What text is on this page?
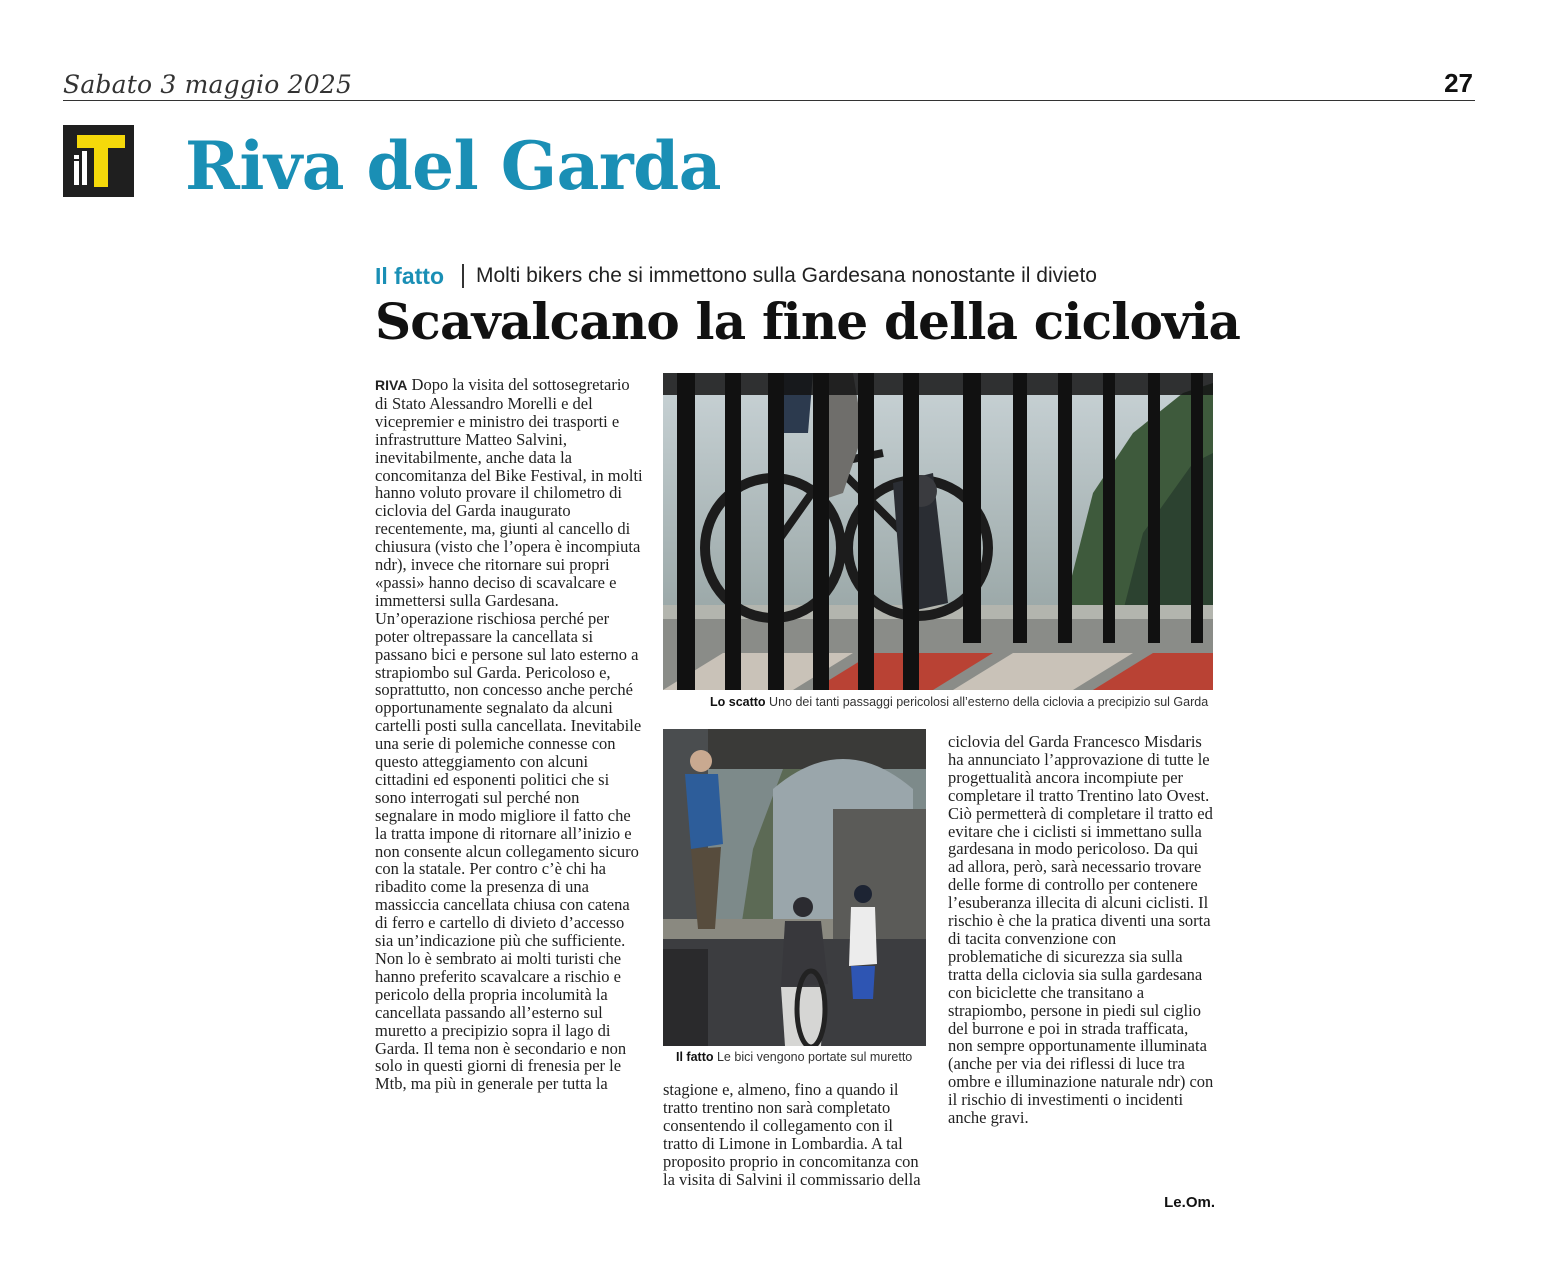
Sabato 3 maggio 2025	27
Riva del Garda
Il fatto Molti bikers che si immettono sulla Gardesana nonostante il divieto
Scavalcano la fine della ciclovia
RIVA Dopo la visita del sottosegretario di Stato Alessandro Morelli e del vicepremier e ministro dei trasporti e infrastrutture Matteo Salvini, inevitabilmente, anche data la concomitanza del Bike Festival, in molti hanno voluto provare il chilometro di ciclovia del Garda inaugurato recentemente, ma, giunti al cancello di chiusura (visto che l’opera è incompiuta ndr), invece che ritornare sui propri «passi» hanno deciso di scavalcare e immettersi sulla Gardesana. Un’operazione rischiosa perché per poter oltrepassare la cancellata si passano bici e persone sul lato esterno a strapiombo sul Garda. Pericoloso e, soprattutto, non concesso anche perché opportunamente segnalato da alcuni cartelli posti sulla cancellata. Inevitabile una serie di polemiche connesse con questo atteggiamento con alcuni cittadini ed esponenti politici che si sono interrogati sul perché non segnalare in modo migliore il fatto che la tratta impone di ritornare all’inizio e non consente alcun collegamento sicuro con la statale. Per contro c’è chi ha ribadito come la presenza di una massiccia cancellata chiusa con catena di ferro e cartello di divieto d’accesso sia un’indicazione più che sufficiente. Non lo è sembrato ai molti turisti che hanno preferito scavalcare a rischio e pericolo della propria incolumità la cancellata passando all’esterno sul muretto a precipizio sopra il lago di Garda. Il tema non è secondario e non solo in questi giorni di frenesia per le Mtb, ma più in generale per tutta la
Lo scatto Uno dei tanti passaggi pericolosi all’esterno della ciclovia a precipizio sul Garda
Il fatto Le bici vengono portate sul muretto
stagione e, almeno, fino a quando il tratto trentino non sarà completato consentendo il collegamento con il tratto di Limone in Lombardia. A tal proposito proprio in concomitanza con la visita di Salvini il commissario della
ciclovia del Garda Francesco Misdaris ha annunciato l’approvazione di tutte le progettualità ancora incompiute per completare il tratto Trentino lato Ovest. Ciò permetterà di completare il tratto ed evitare che i ciclisti si immettano sulla gardesana in modo pericoloso. Da qui ad allora, però, sarà necessario trovare delle forme di controllo per contenere l’esuberanza illecita di alcuni ciclisti. Il rischio è che la pratica diventi una sorta di tacita convenzione con problematiche di sicurezza sia sulla tratta della ciclovia sia sulla gardesana con biciclette che transitano a strapiombo, persone in piedi sul ciglio del burrone e poi in strada trafficata, non sempre opportunamente illuminata (anche per via dei riflessi di luce tra ombre e illuminazione naturale ndr) con il rischio di investimenti o incidenti anche gravi.
Le.Om.
